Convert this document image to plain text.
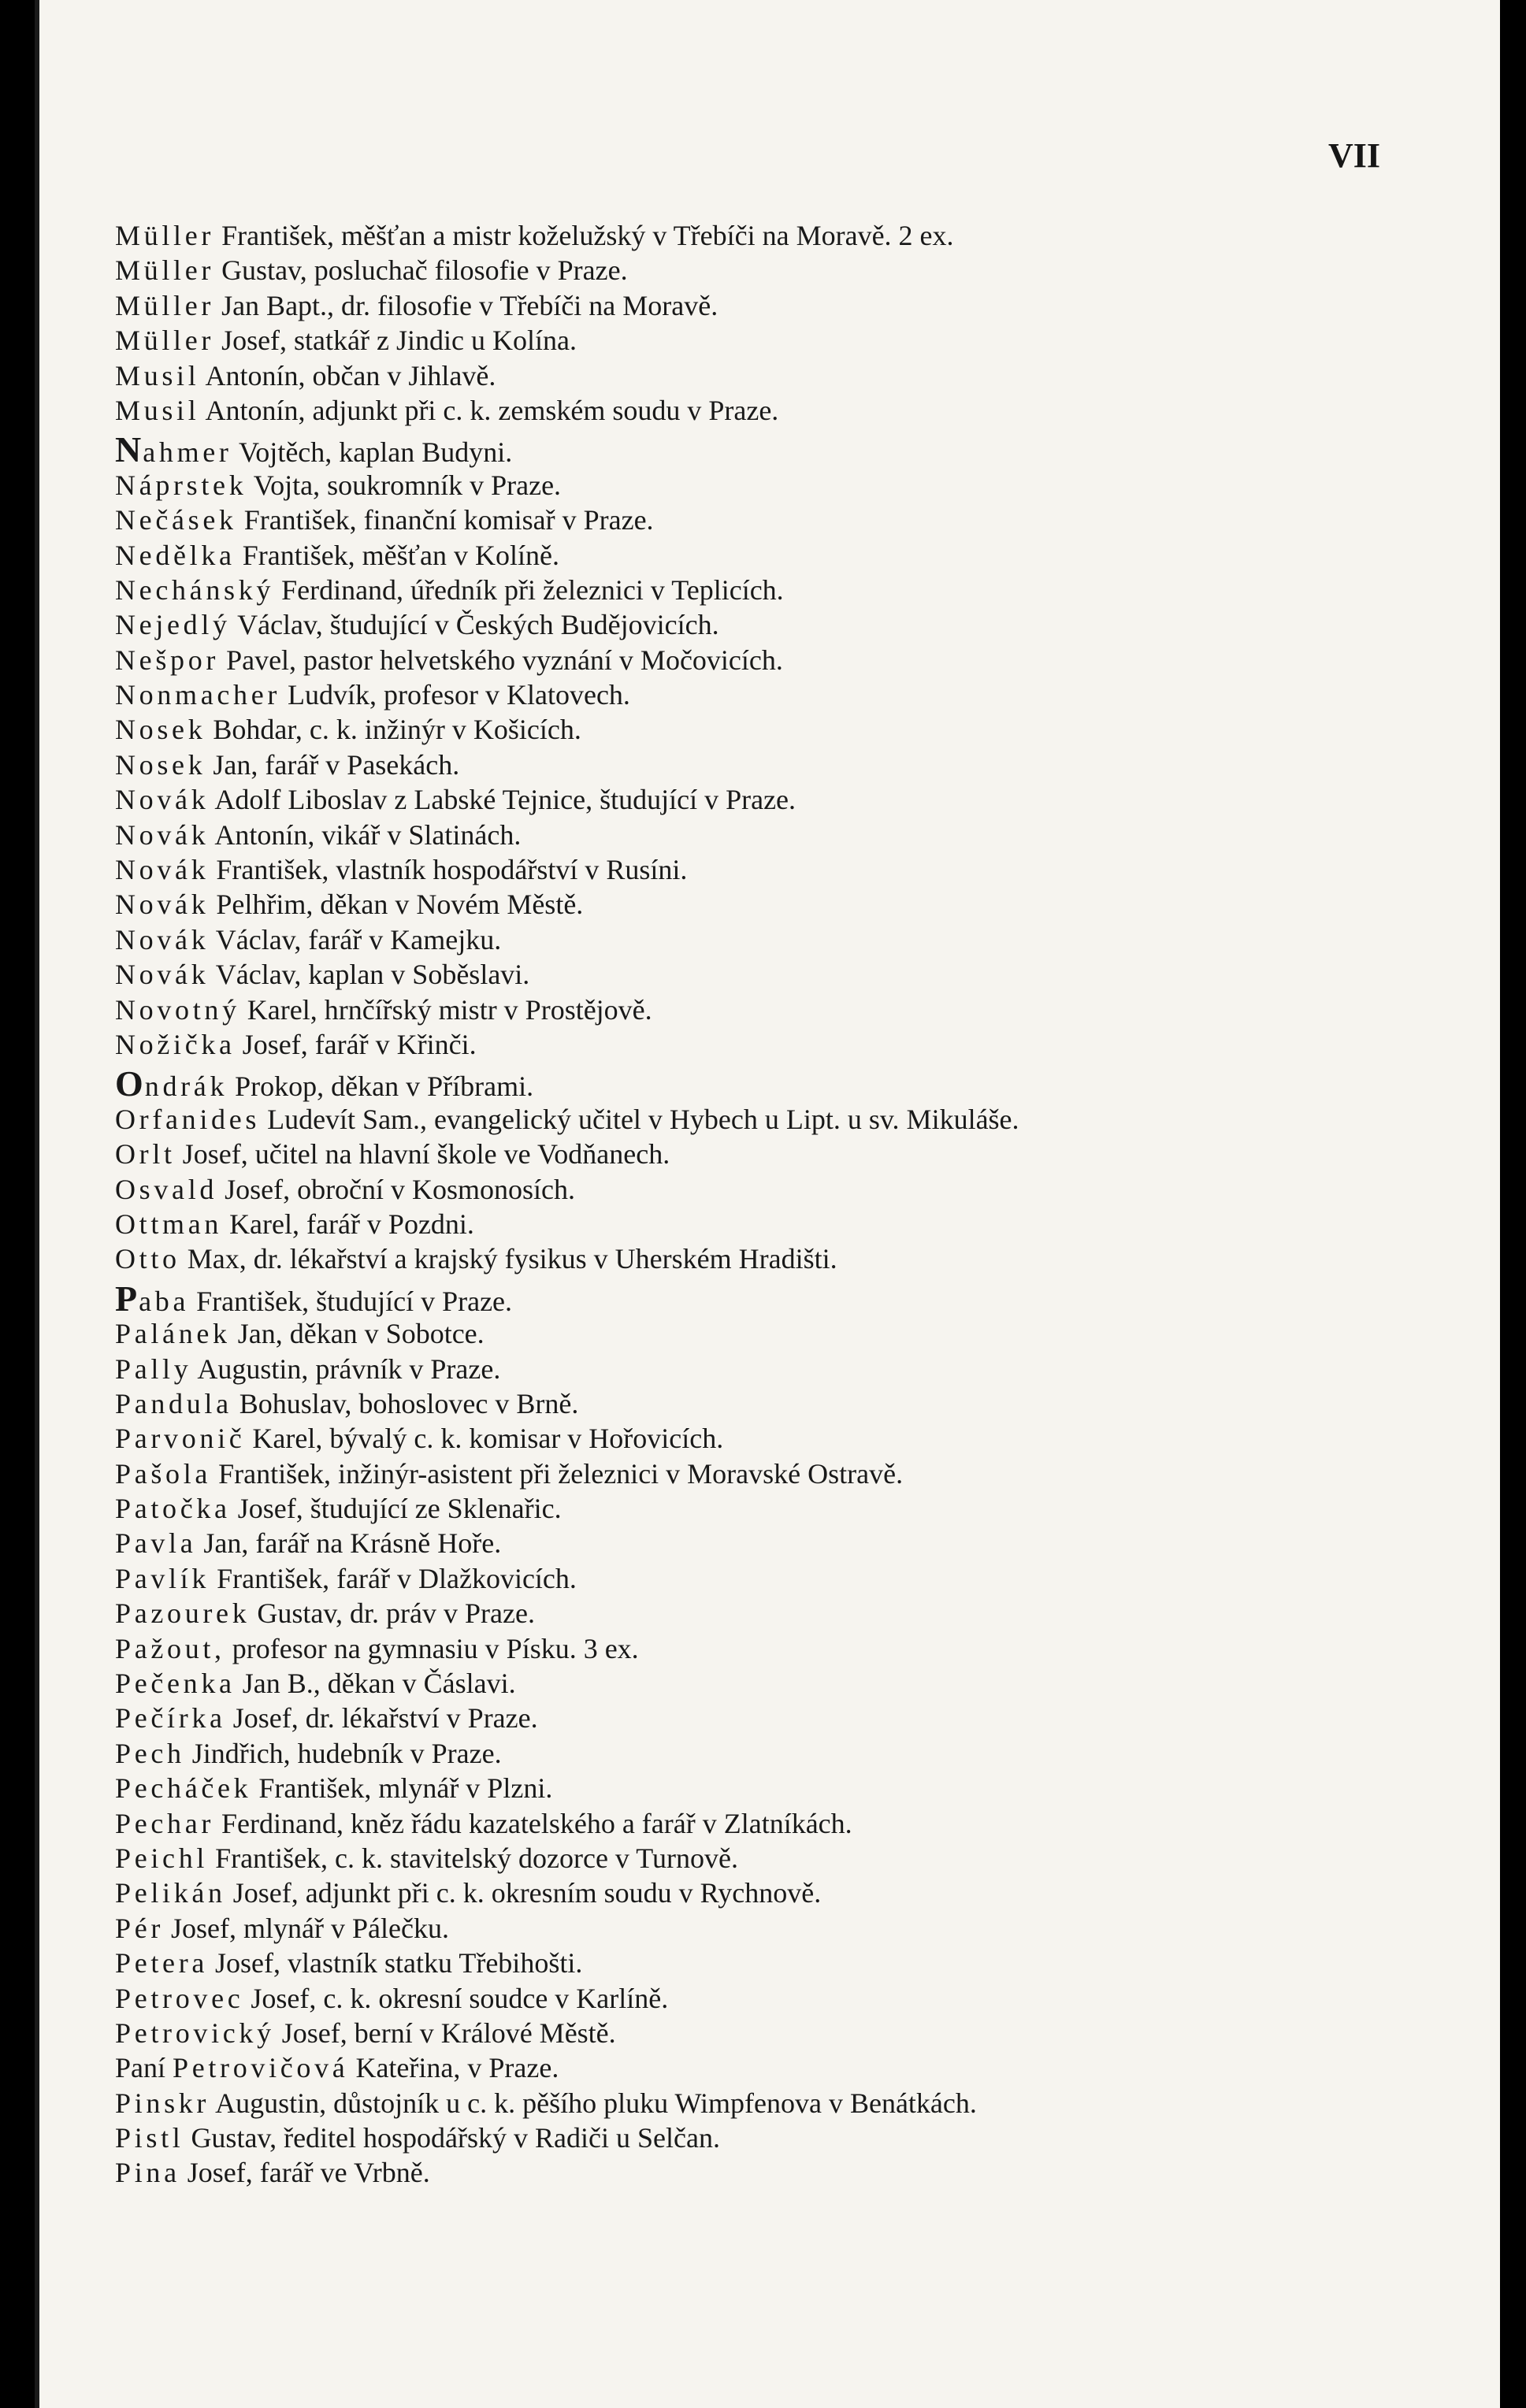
VII
Müller František, měšťan a mistr koželužský v Třebíči na Moravě. 2 ex.
Müller Gustav, posluchač filosofie v Praze.
Müller Jan Bapt., dr. filosofie v Třebíči na Moravě.
Müller Josef, statkář z Jindic u Kolína.
Musil Antonín, občan v Jihlavě.
Musil Antonín, adjunkt při c. k. zemském soudu v Praze.
Nahmer Vojtěch, kaplan Budyni.
Náprstek Vojta, soukromník v Praze.
Nečásek František, finanční komisař v Praze.
Nedělka František, měšťan v Kolíně.
Nechánský Ferdinand, úředník při železnici v Teplicích.
Nejedlý Václav, študující v Českých Budějovicích.
Nešpor Pavel, pastor helvetského vyznání v Močovicích.
Nonmacher Ludvík, profesor v Klatovech.
Nosek Bohdar, c. k. inžinýr v Košicích.
Nosek Jan, farář v Pasekách.
Novák Adolf Liboslav z Labské Tejnice, študující v Praze.
Novák Antonín, vikář v Slatinách.
Novák František, vlastník hospodářství v Rusíni.
Novák Pelhřim, děkan v Novém Městě.
Novák Václav, farář v Kamejku.
Novák Václav, kaplan v Soběslavi.
Novotný Karel, hrnčířský mistr v Prostějově.
Nožička Josef, farář v Křinči.
Ondrák Prokop, děkan v Příbrami.
Orfanides Ludevít Sam., evangelický učitel v Hybech u Lipt. u sv. Mikuláše.
Orlt Josef, učitel na hlavní škole ve Vodňanech.
Osvald Josef, obroční v Kosmonosích.
Ottman Karel, farář v Pozdni.
Otto Max, dr. lékařství a krajský fysikus v Uherském Hradišti.
Paba František, študující v Praze.
Palánek Jan, děkan v Sobotce.
Pally Augustin, právník v Praze.
Pandula Bohuslav, bohoslovec v Brně.
Parvonič Karel, bývalý c. k. komisar v Hořovicích.
Pašola František, inžinýr-asistent při železnici v Moravské Ostravě.
Patočka Josef, študující ze Sklenařic.
Pavla Jan, farář na Krásně Hoře.
Pavlík František, farář v Dlažkovicích.
Pazourek Gustav, dr. práv v Praze.
Pažout, profesor na gymnasiu v Písku. 3 ex.
Pečenka Jan B., děkan v Čáslavi.
Pečírka Josef, dr. lékařství v Praze.
Pech Jindřich, hudebník v Praze.
Pecháček František, mlynář v Plzni.
Pechar Ferdinand, kněz řádu kazatelského a farář v Zlatníkách.
Peichl František, c. k. stavitelský dozorce v Turnově.
Pelikán Josef, adjunkt při c. k. okresním soudu v Rychnově.
Pér Josef, mlynář v Pálečku.
Petera Josef, vlastník statku Třebihošti.
Petrovec Josef, c. k. okresní soudce v Karlíně.
Petrovický Josef, berní v Králové Městě.
Paní Petrovičová Kateřina, v Praze.
Pinskr Augustin, důstojník u c. k. pěšího pluku Wimpfenova v Benátkách.
Pistl Gustav, ředitel hospodářský v Radiči u Selčan.
Pina Josef, farář ve Vrbně.
